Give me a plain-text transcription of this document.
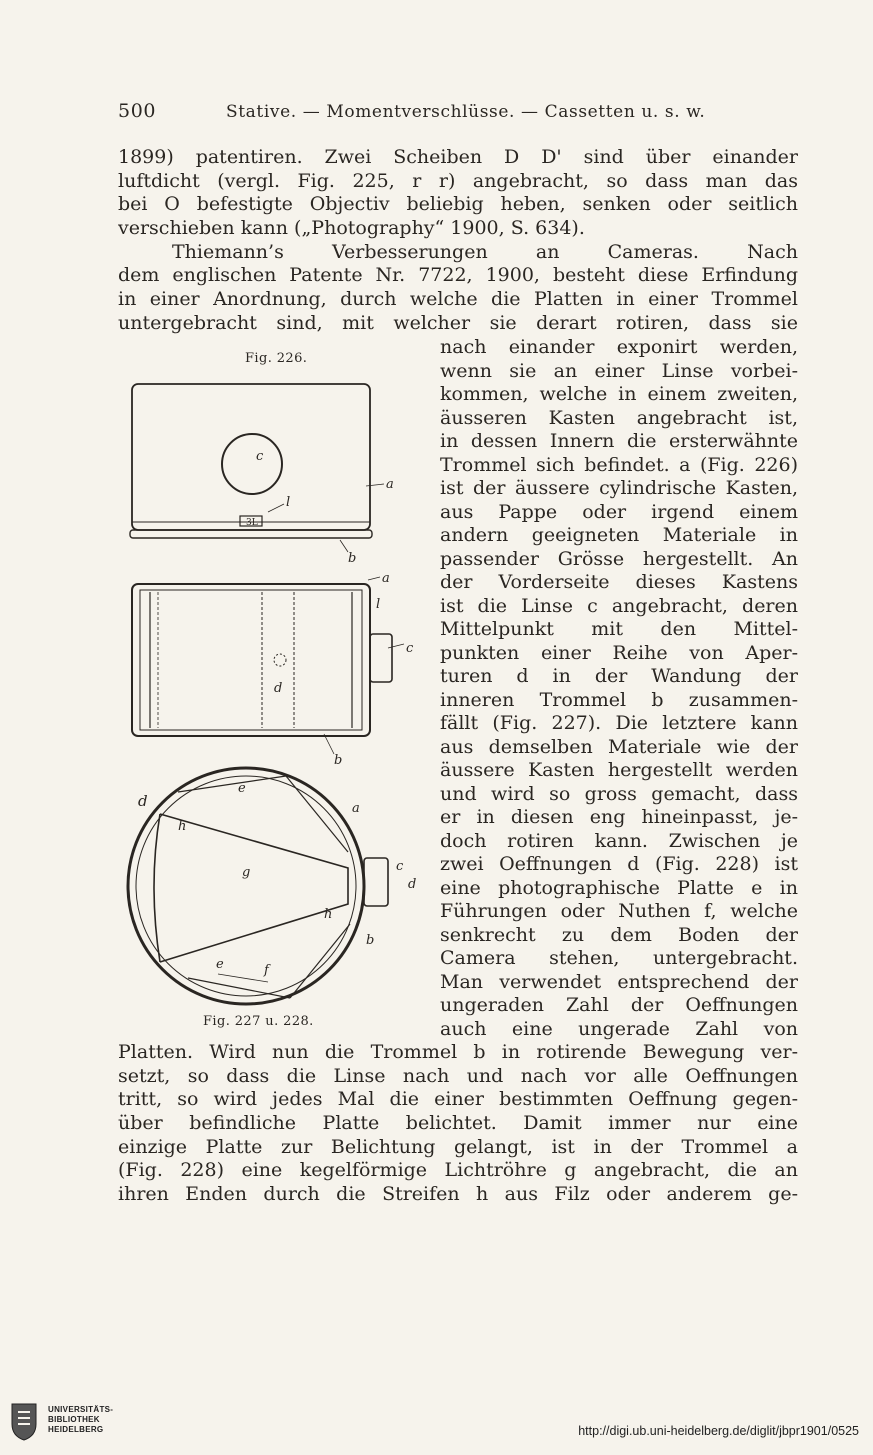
500	Stative. — Momentverschlüsse. — Cassetten u. s. w.
1899) patentiren. Zwei Scheiben D D' sind über einander
luftdicht (vergl. Fig. 225, r r) angebracht, so dass man das
bei O befestigte Objectiv beliebig heben, senken oder seitlich
verschieben kann („Photography“ 1900, S. 634).
Thiemann’s Verbesserungen an Cameras. Nach
dem englischen Patente Nr. 7722, 1900, besteht diese Erfindung
in einer Anordnung, durch welche die Platten in einer Trommel
untergebracht sind, mit welcher sie derart rotiren, dass sie
nach einander exponirt werden,
wenn sie an einer Linse vorbei-
kommen, welche in einem zweiten,
äusseren Kasten angebracht ist,
in dessen Innern die ersterwähnte
Trommel sich befindet. a (Fig. 226)
ist der äussere cylindrische Kasten,
aus Pappe oder irgend einem
andern geeigneten Materiale in
passender Grösse hergestellt. An
der Vorderseite dieses Kastens
ist die Linse c angebracht, deren
Mittelpunkt mit den Mittel-
punkten einer Reihe von Aper-
turen d in der Wandung der
inneren Trommel b zusammen-
fällt (Fig. 227). Die letztere kann
aus demselben Materiale wie der
äussere Kasten hergestellt werden
und wird so gross gemacht, dass
er in diesen eng hineinpasst, je-
doch rotiren kann. Zwischen je
zwei Oeffnungen d (Fig. 228) ist
eine photographische Platte e in
Führungen oder Nuthen f, welche
senkrecht zu dem Boden der
Camera stehen, untergebracht.
Man verwendet entsprechend der
ungeraden Zahl der Oeffnungen
auch eine ungerade Zahl von
Platten. Wird nun die Trommel b in rotirende Bewegung ver-
setzt, so dass die Linse nach und nach vor alle Oeffnungen
tritt, so wird jedes Mal die einer bestimmten Oeffnung gegen-
über befindliche Platte belichtet. Damit immer nur eine
einzige Platte zur Belichtung gelangt, ist in der Trommel a
(Fig. 228) eine kegelförmige Lichtröhre g angebracht, die an
ihren Enden durch die Streifen h aus Filz oder anderem ge-
Fig. 226.
Fig. 227 u. 228.
c
a
l
3L
b
a
l
c
d
b
d
h
e
a
g	c
d
h
b
e	f
UNIVERSITÄTS-
BIBLIOTHEK
HEIDELBERG	http://digi.ub.uni-heidelberg.de/diglit/jbpr1901/0525
